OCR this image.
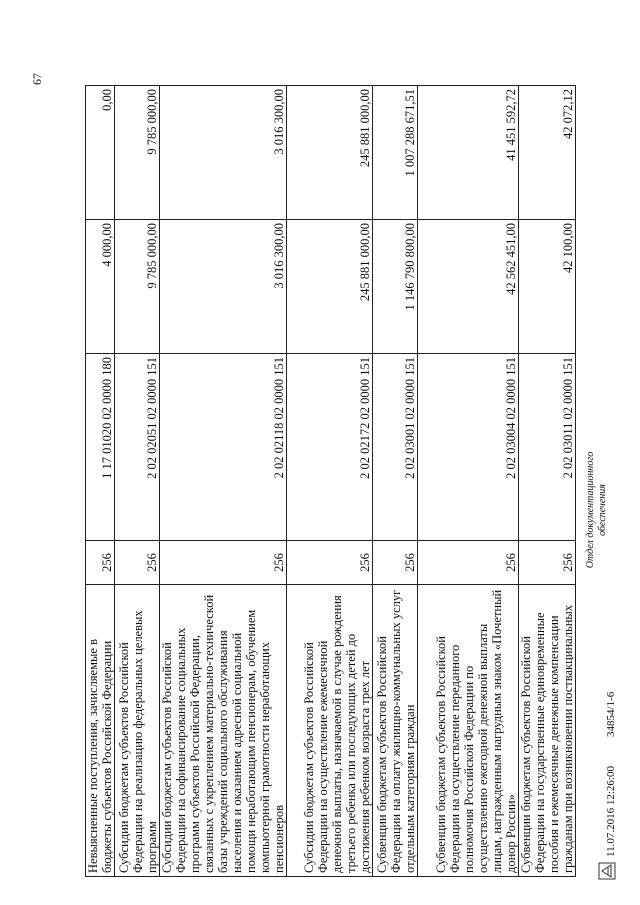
67
Невыясненные поступления, зачисляемые в бюджеты субъектов Российской Федерации	256	1 17 01020 02 0000 180	4 000,00	0,00
Субсидии бюджетам субъектов Российской Федерации на реализацию федеральных целевых программ	256	2 02 02051 02 0000 151	9 785 000,00	9 785 000,00
Субсидии бюджетам субъектов Российской Федерации на софинансирование социальных программ субъектов Российской Федерации, связанных с укреплением материально-технической базы учреждений социального обслуживания населения и оказанием адресной социальной помощи неработающим пенсионерам, обучением компьютерной грамотности неработающих пенсионеров	256	2 02 02118 02 0000 151	3 016 300,00	3 016 300,00
Субсидии бюджетам субъектов Российской Федерации на осуществление ежемесячной денежной выплаты, назначаемой в случае рождения третьего ребенка или последующих детей до достижения ребенком возраста трех лет	256	2 02 02172 02 0000 151	245 881 000,00	245 881 000,00
Субвенции бюджетам субъектов Российской Федерации на оплату жилищно-коммунальных услуг отдельным категориям граждан	256	2 02 03001 02 0000 151	1 146 790 800,00	1 007 288 671,51
Субвенции бюджетам субъектов Российской Федерации на осуществление переданного полномочия Российской Федерации по осуществлению ежегодной денежной выплаты лицам, награжденным нагрудным знаком «Почетный донор России»	256	2 02 03004 02 0000 151	42 562 451,00	41 451 592,72
Субвенции бюджетам субъектов Российской Федерации на государственные единовременные пособия и ежемесячные денежные компенсации гражданам при возникновении поствакцинальных	256	2 02 03011 02 0000 151	42 100,00	42 072,12
11.07.2016 12:26:00
34854/1-6
Отдел документационного обеспечения
